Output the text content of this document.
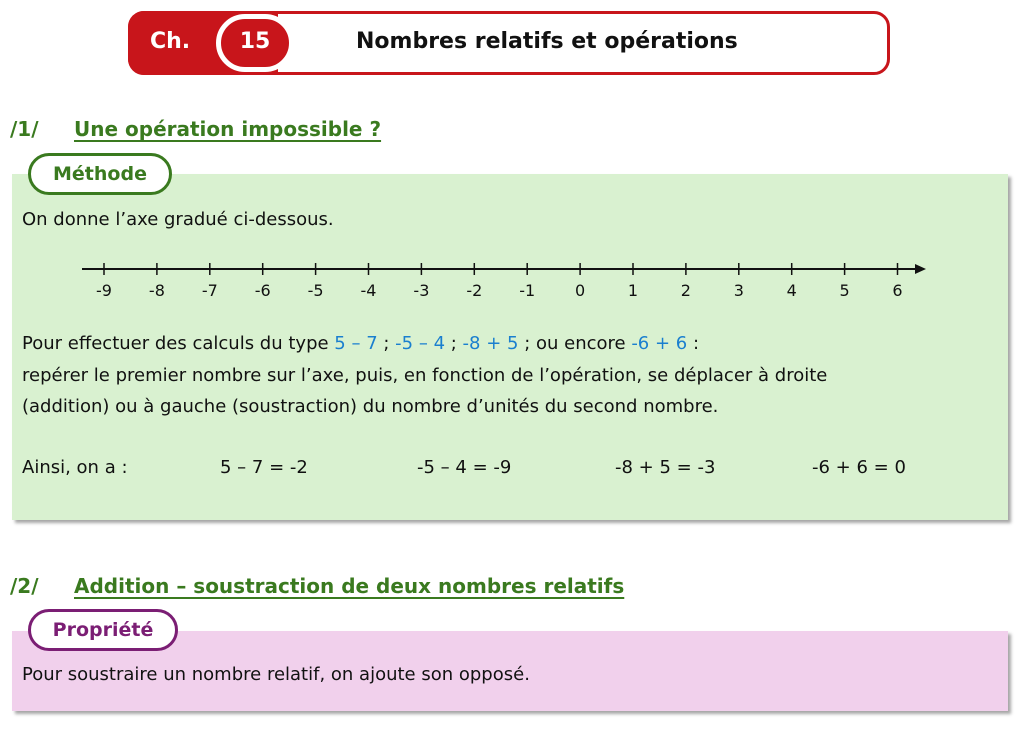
Ch.	15	Nombres relatifs et opérations
/1/ Une opération impossible ?
Méthode
On donne l’axe gradué ci-dessous.
-9 -8 -7 -6 -5 -4 -3 -2 -1 0	1	2	3	4	5	6
Pour effectuer des calculs du type 5 – 7 ; -5 – 4 ; -8 + 5 ; ou encore -6 + 6 :
repérer le premier nombre sur l’axe, puis, en fonction de l’opération, se déplacer à droite
(addition) ou à gauche (soustraction) du nombre d’unités du second nombre.
Ainsi, on a :	5 – 7 = -2	-5 – 4 = -9	-8 + 5 = -3	-6 + 6 = 0
/2/ Addition – soustraction de deux nombres relatifs
Propriété
Pour soustraire un nombre relatif, on ajoute son opposé.
